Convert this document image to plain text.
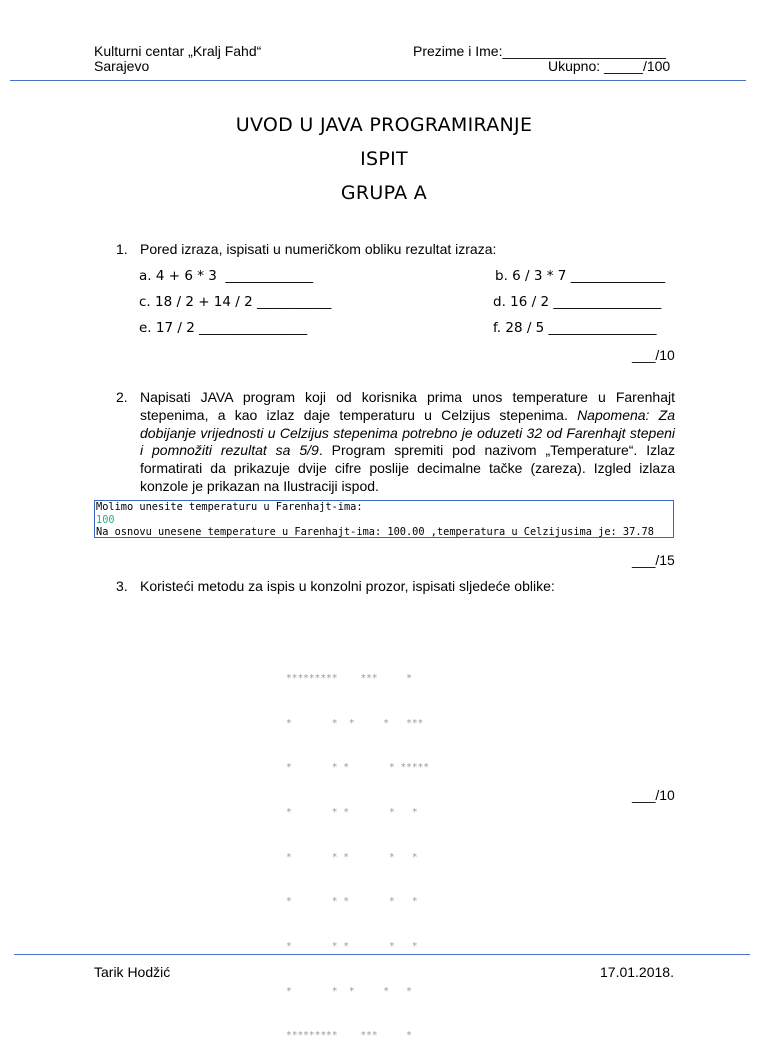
Kulturni centar „Kralj Fahd“
Sarajevo
Prezime i Ime:_____________________
Ukupno: _____/100
UVOD U JAVA PROGRAMIRANJE
ISPIT
GRUPA A
1. Pored izraza, ispisati u numeričkom obliku rezultat izraza:
a. 4 + 6 * 3  _____________	b. 6 / 3 * 7 ______________
c. 18 / 2 + 14 / 2 ___________	d. 16 / 2 ________________
e. 17 / 2 ________________	f. 28 / 5 ________________
___/10
2. Napisati JAVA program koji od korisnika prima unos temperature u Farenhajt stepenima, a kao izlaz daje temperaturu u Celzijus stepenima. Napomena: Za dobijanje vrijednosti u Celzijus stepenima potrebno je oduzeti 32 od Farenhajt stepeni i pomnožiti rezultat sa 5/9. Program spremiti pod nazivom „Temperature“. Izlaz formatirati da prikazuje dvije cifre poslije decimalne tačke (zareza). Izgled izlaza konzole je prikazan na Ilustraciji ispod.
Molimo unesite temperaturu u Farenhajt-ima:
100
Na osnovu unesene temperature u Farenhajt-ima: 100.00 ,temperatura u Celzijusima je: 37.78
___/15
3. Koristeći metodu za ispis u konzolni prozor, ispisati sljedeće oblike:

*********    ***     *

*       *  *     *   ***

*       * *       * *****

*       * *       *   *

*       * *       *   *

*       * *       *   *

*       * *       *   *

*       *  *     *   *

*********    ***     *

___/10
Tarik Hodžić	17.01.2018.
